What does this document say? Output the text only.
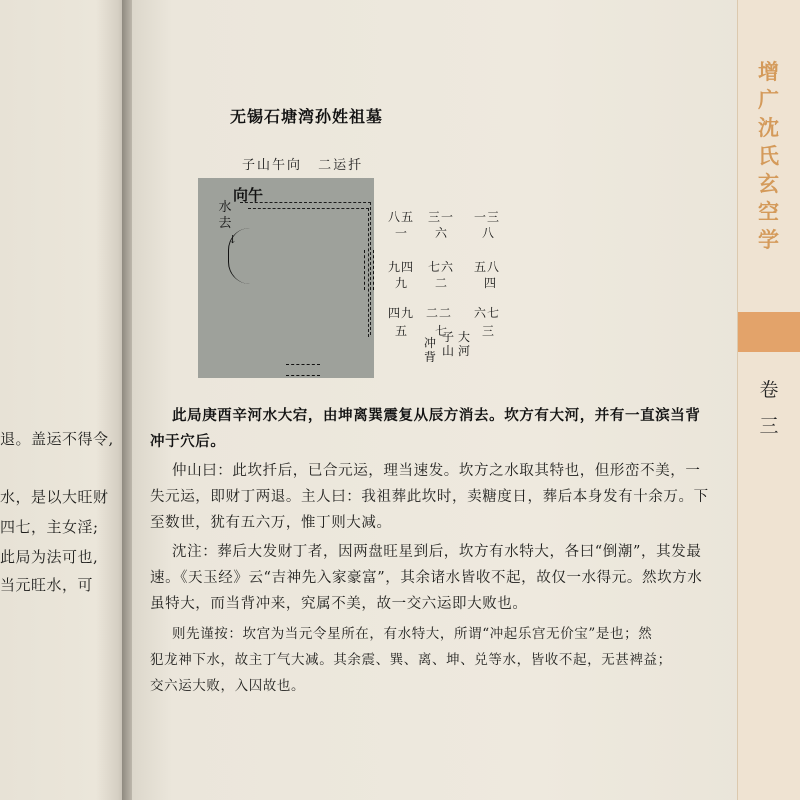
退。盖运不得令,
水，是以大旺财
四七，主女淫;
此局为法可也,
当元旺水，可
增
广
沈
氏
玄
空
学
卷
三
无锡石塘湾孙姓祖墓
子山午向 二运扦
向午
水去
↓
八五
一
三一
六
一三
八
九四
九
七六
二
五八
四
四九
五
二二
七
六七
三
冲
背
子
山
大
河
此局庚酉辛河水大宕，由坤离巽震复从辰方消去。坎方有大河，并有一直滨当背
冲于穴后。
仲山曰：此坎扦后，已合元运，理当速发。坎方之水取其特也，但形峦不美，一
失元运，即财丁两退。主人曰：我祖葬此坎时，卖糖度日，葬后本身发有十余万。下
至数世，犹有五六万，惟丁则大减。
沈注：葬后大发财丁者，因两盘旺星到后，坎方有水特大，各曰“倒潮”，其发最
速。《天玉经》云“吉神先入家豪富”，其余诸水皆收不起，故仅一水得元。然坎方水
虽特大，而当背冲来，究属不美，故一交六运即大败也。
则先谨按：坎宫为当元令星所在，有水特大，所谓“冲起乐宫无价宝”是也；然
犯龙神下水，故主丁气大减。其余震、巽、离、坤、兑等水，皆收不起，无甚裨益；
交六运大败，入囚故也。
